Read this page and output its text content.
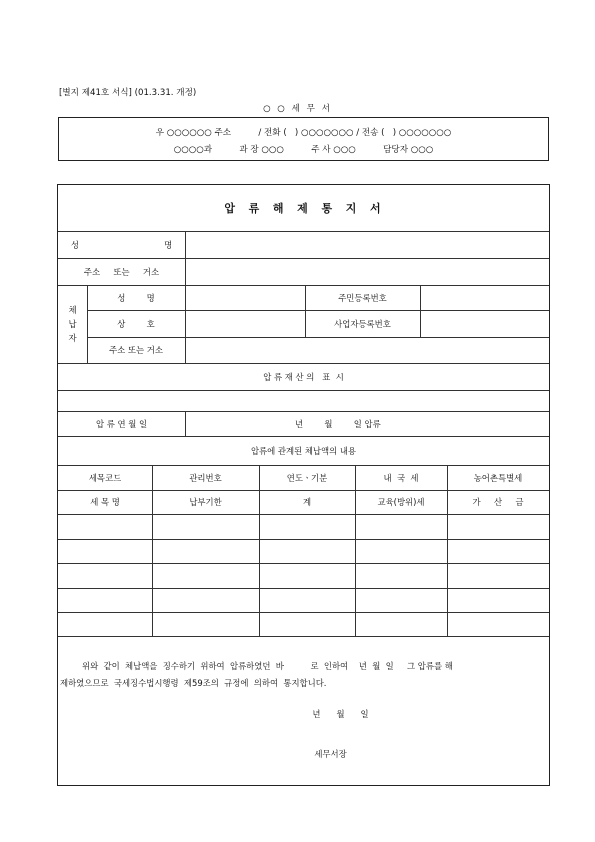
[별지 제41호 서식] (01.3.31. 개정)
○ ○ 세 무 서
우 ○○○○○○ 주소          / 전화 (   ) ○○○○○○○ / 전송 (   ) ○○○○○○○
○○○○과          과 장 ○○○          주 사 ○○○          담당자 ○○○
압  류  해  제  통  지  서
성                                명
주소     또는     거소
체
납
자
성        명	주민등록번호
상        호	사업자등록번호
주소 또는 거소
압 류 재 산 의   표  시
압 류 연 월 일	년        월        일 압류
압류에 관계된 체납액의 내용
세목코드	관리번호	연도ㆍ기분	내  국  세	농어촌특별세
세 목 명	납부기한	계	교육(방위)세	가     산     금
위와  같이  체납액을  징수하기  위하여  압류하였던  바          로  인하여    년  월  일     그 압류를 해
제하였으므로  국세징수법시행령  제59조의  규정에  의하여  통지합니다.
년      월      일
세무서장
